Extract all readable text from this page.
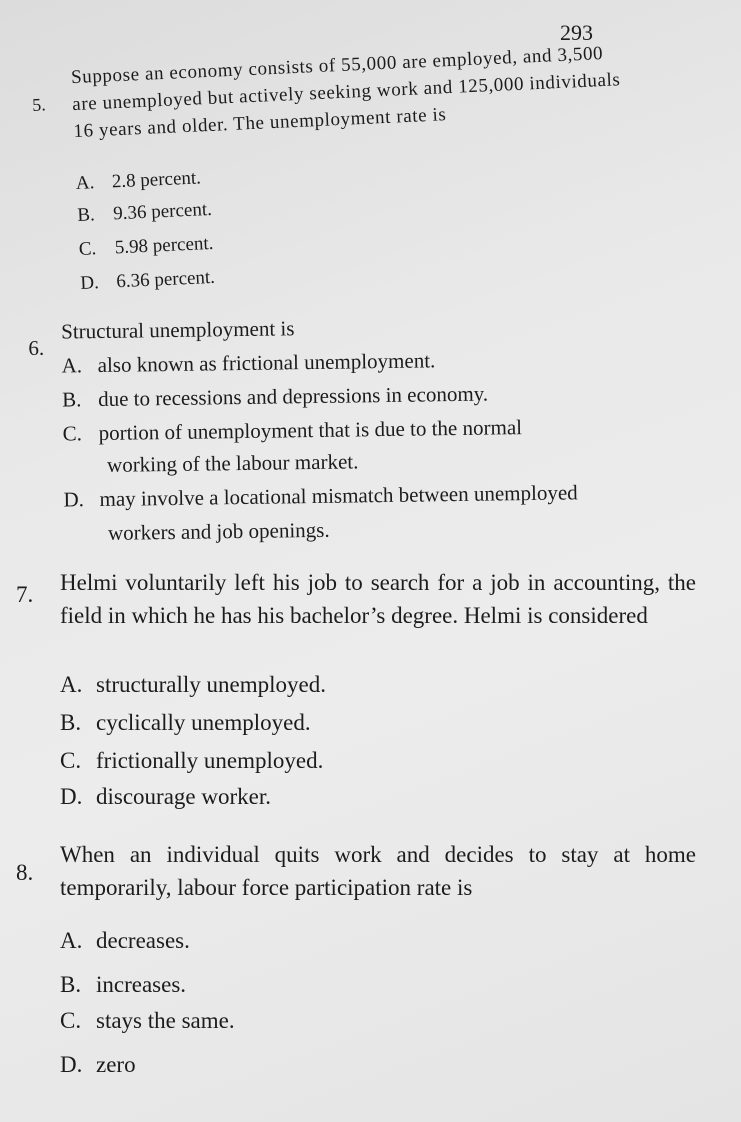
293
5.
Suppose an economy consists of 55,000 are employed, and 3,500 are unemployed but actively seeking work and 125,000 individuals 16 years and older. The unemployment rate is
A. 2.8 percent.
B. 9.36 percent.
C. 5.98 percent.
D. 6.36 percent.
6.
Structural unemployment is
A. also known as frictional unemployment.
B. due to recessions and depressions in economy.
C. portion of unemployment that is due to the normal
working of the labour market.
D. may involve a locational mismatch between unemployed
workers and job openings.
7. Helmi voluntarily left his job to search for a job in accounting, the field in which he has his bachelor’s degree. Helmi is considered
A. structurally unemployed.
B. cyclically unemployed.
C. frictionally unemployed.
D. discourage worker.
8.
When an individual quits work and decides to stay at home temporarily, labour force participation rate is
A. decreases.
B. increases.
C. stays the same.
D. zero
